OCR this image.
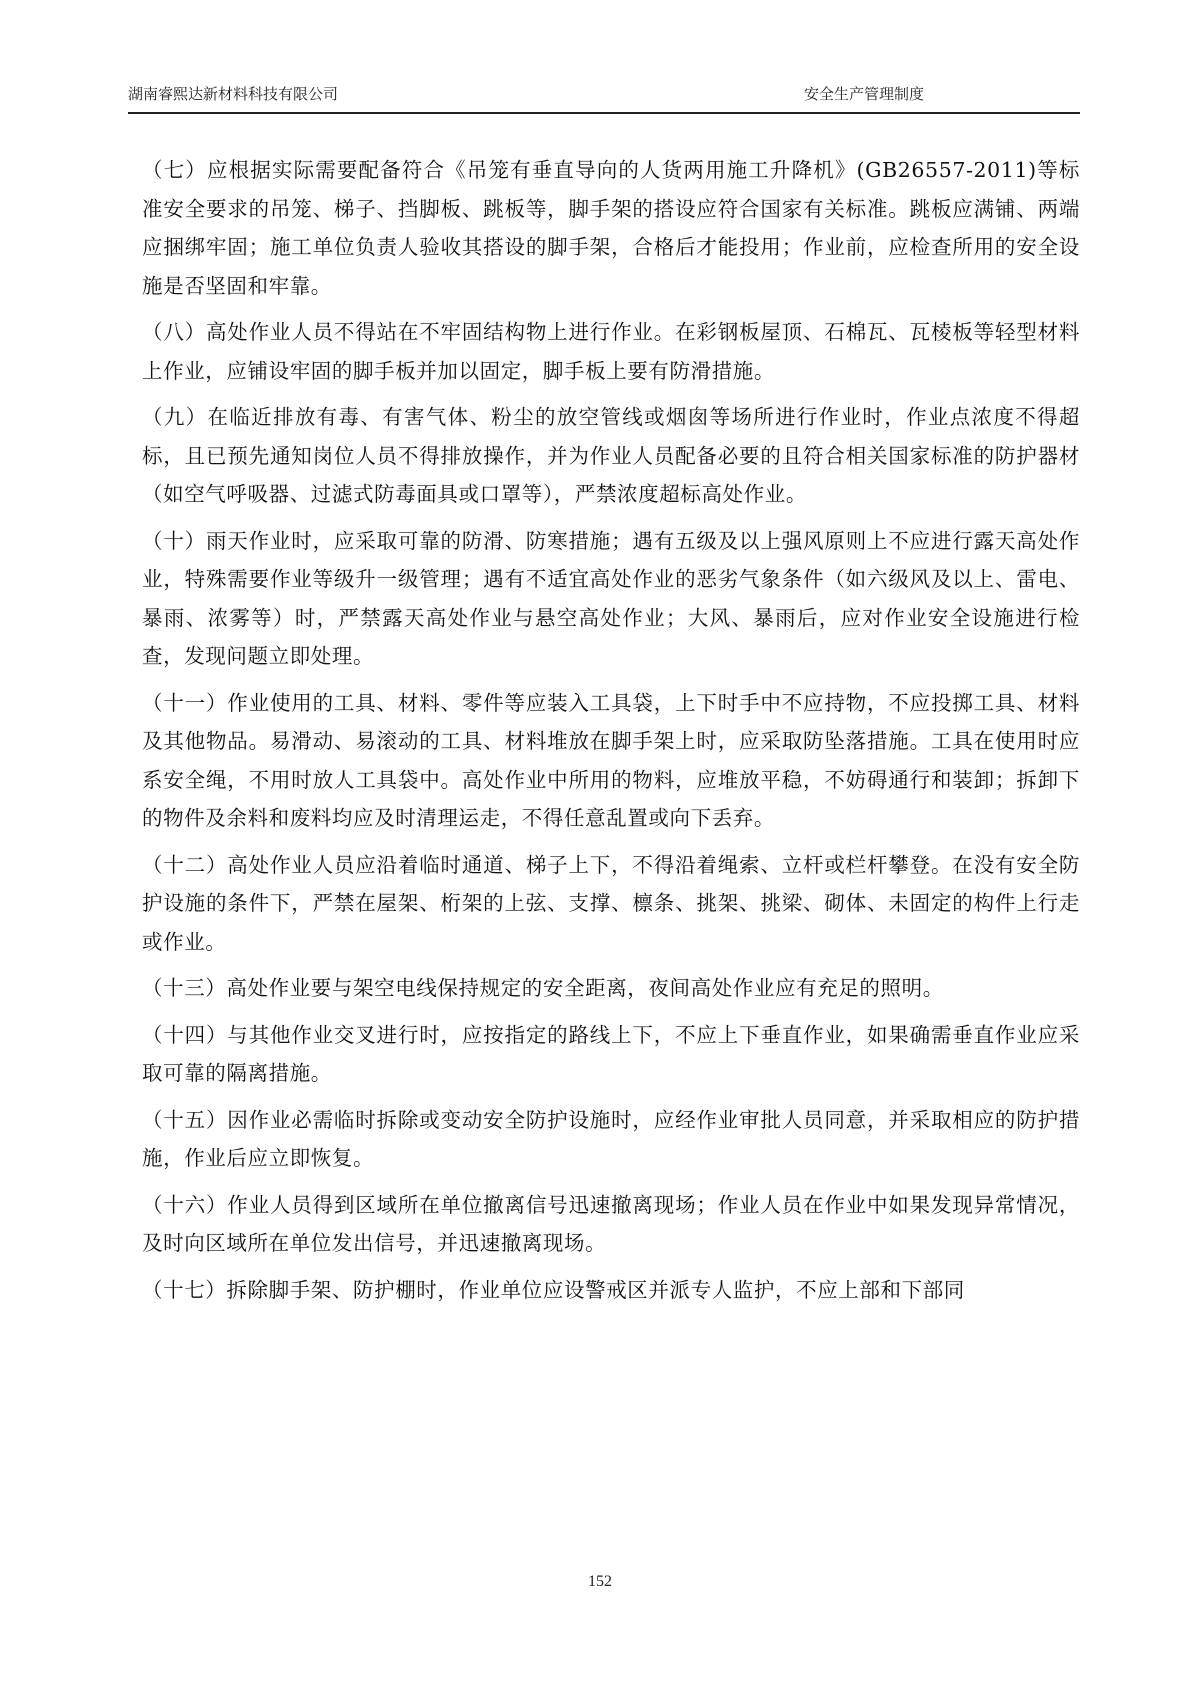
湖南睿熙达新材料科技有限公司	安全生产管理制度

（七）应根据实际需要配备符合《吊笼有垂直导向的人货两用施工升降机》(GB26557-2011)等标准安全要求的吊笼、梯子、挡脚板、跳板等，脚手架的搭设应符合国家有关标准。跳板应满铺、两端应捆绑牢固；施工单位负责人验收其搭设的脚手架，合格后才能投用；作业前，应检查所用的安全设施是否坚固和牢靠。

（八）高处作业人员不得站在不牢固结构物上进行作业。在彩钢板屋顶、石棉瓦、瓦棱板等轻型材料上作业，应铺设牢固的脚手板并加以固定，脚手板上要有防滑措施。

（九）在临近排放有毒、有害气体、粉尘的放空管线或烟囱等场所进行作业时，作业点浓度不得超标，且已预先通知岗位人员不得排放操作，并为作业人员配备必要的且符合相关国家标准的防护器材（如空气呼吸器、过滤式防毒面具或口罩等），严禁浓度超标高处作业。

（十）雨天作业时，应采取可靠的防滑、防寒措施；遇有五级及以上强风原则上不应进行露天高处作业，特殊需要作业等级升一级管理；遇有不适宜高处作业的恶劣气象条件（如六级风及以上、雷电、暴雨、浓雾等）时，严禁露天高处作业与悬空高处作业；大风、暴雨后，应对作业安全设施进行检查，发现问题立即处理。

（十一）作业使用的工具、材料、零件等应装入工具袋，上下时手中不应持物，不应投掷工具、材料及其他物品。易滑动、易滚动的工具、材料堆放在脚手架上时，应采取防坠落措施。工具在使用时应系安全绳，不用时放人工具袋中。高处作业中所用的物料，应堆放平稳，不妨碍通行和装卸；拆卸下的物件及余料和废料均应及时清理运走，不得任意乱置或向下丢弃。

（十二）高处作业人员应沿着临时通道、梯子上下，不得沿着绳索、立杆或栏杆攀登。在没有安全防护设施的条件下，严禁在屋架、桁架的上弦、支撑、檩条、挑架、挑梁、砌体、未固定的构件上行走或作业。

（十三）高处作业要与架空电线保持规定的安全距离，夜间高处作业应有充足的照明。

（十四）与其他作业交叉进行时，应按指定的路线上下，不应上下垂直作业，如果确需垂直作业应采取可靠的隔离措施。

（十五）因作业必需临时拆除或变动安全防护设施时，应经作业审批人员同意，并采取相应的防护措施，作业后应立即恢复。

（十六）作业人员得到区域所在单位撤离信号迅速撤离现场；作业人员在作业中如果发现异常情况，及时向区域所在单位发出信号，并迅速撤离现场。

（十七）拆除脚手架、防护棚时，作业单位应设警戒区并派专人监护，不应上部和下部同

152
